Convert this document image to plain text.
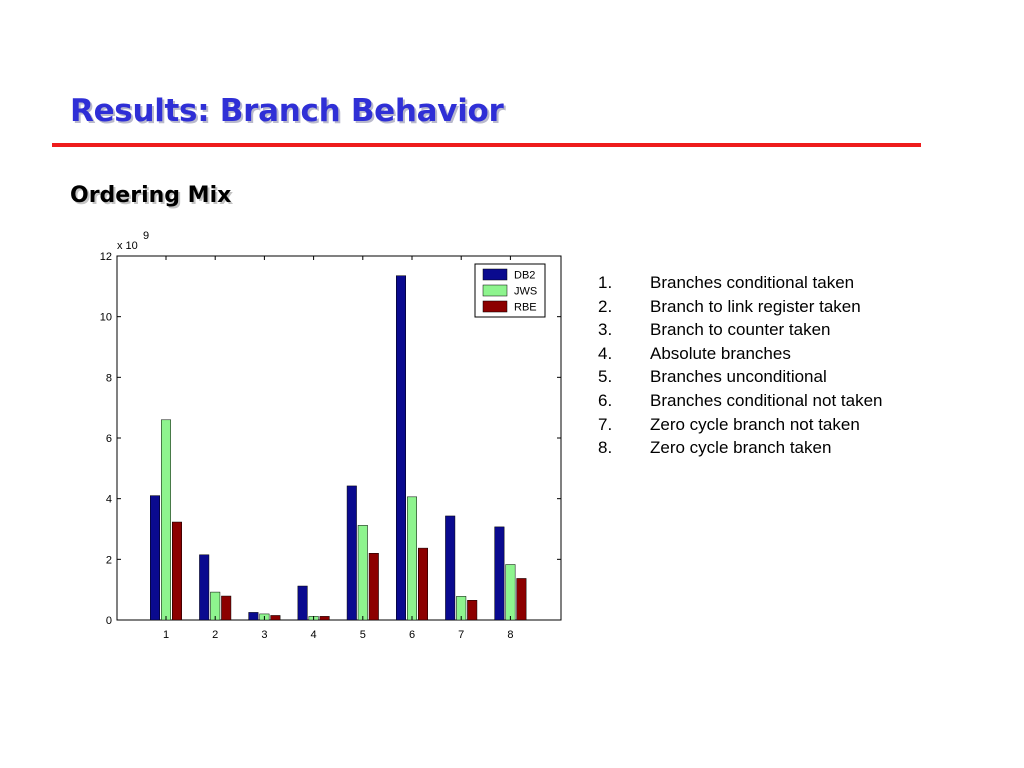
Results: Branch Behavior
Ordering Mix
0
2
4
6
8
10
12
1	2	3	4	5	6	7	8
x 10
9
DB2
JWS
RBE
1.	Branches conditional taken
2.	Branch to link register taken
3.	Branch to counter taken
4.	Absolute branches
5.	Branches unconditional
6.	Branches conditional not taken
7.	Zero cycle branch not taken
8.	Zero cycle branch taken
